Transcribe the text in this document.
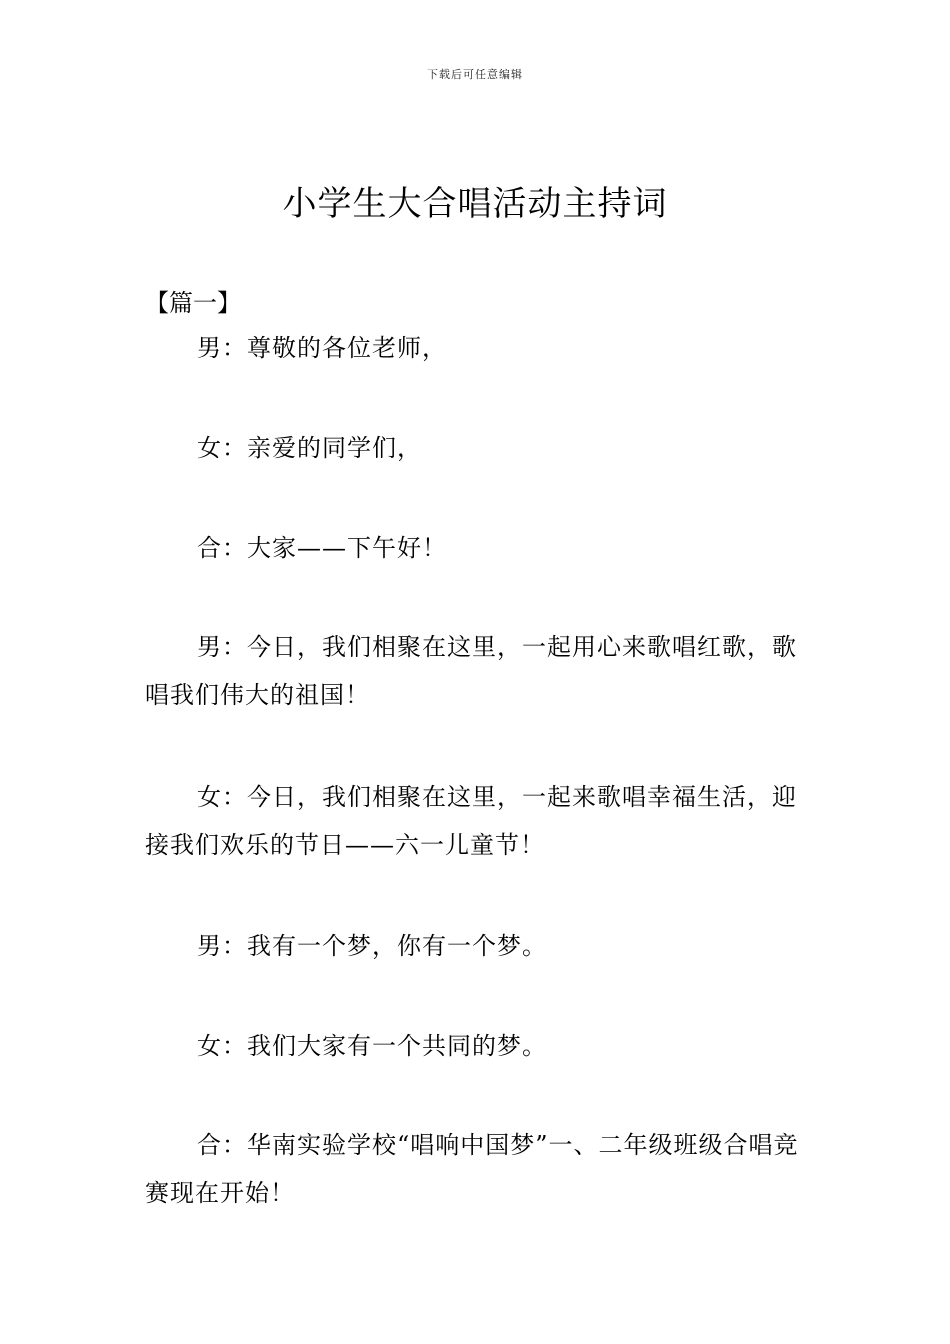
下载后可任意编辑
小学生大合唱活动主持词
【篇一】

男：尊敬的各位老师，

女：亲爱的同学们，

合：大家——下午好！

男：今日，我们相聚在这里，一起用心来歌唱红歌，歌唱我们伟大的祖国！

女：今日，我们相聚在这里，一起来歌唱幸福生活，迎接我们欢乐的节日——六一儿童节！

男：我有一个梦，你有一个梦。

女：我们大家有一个共同的梦。

合：华南实验学校“唱响中国梦”一、二年级班级合唱竞赛现在开始！
